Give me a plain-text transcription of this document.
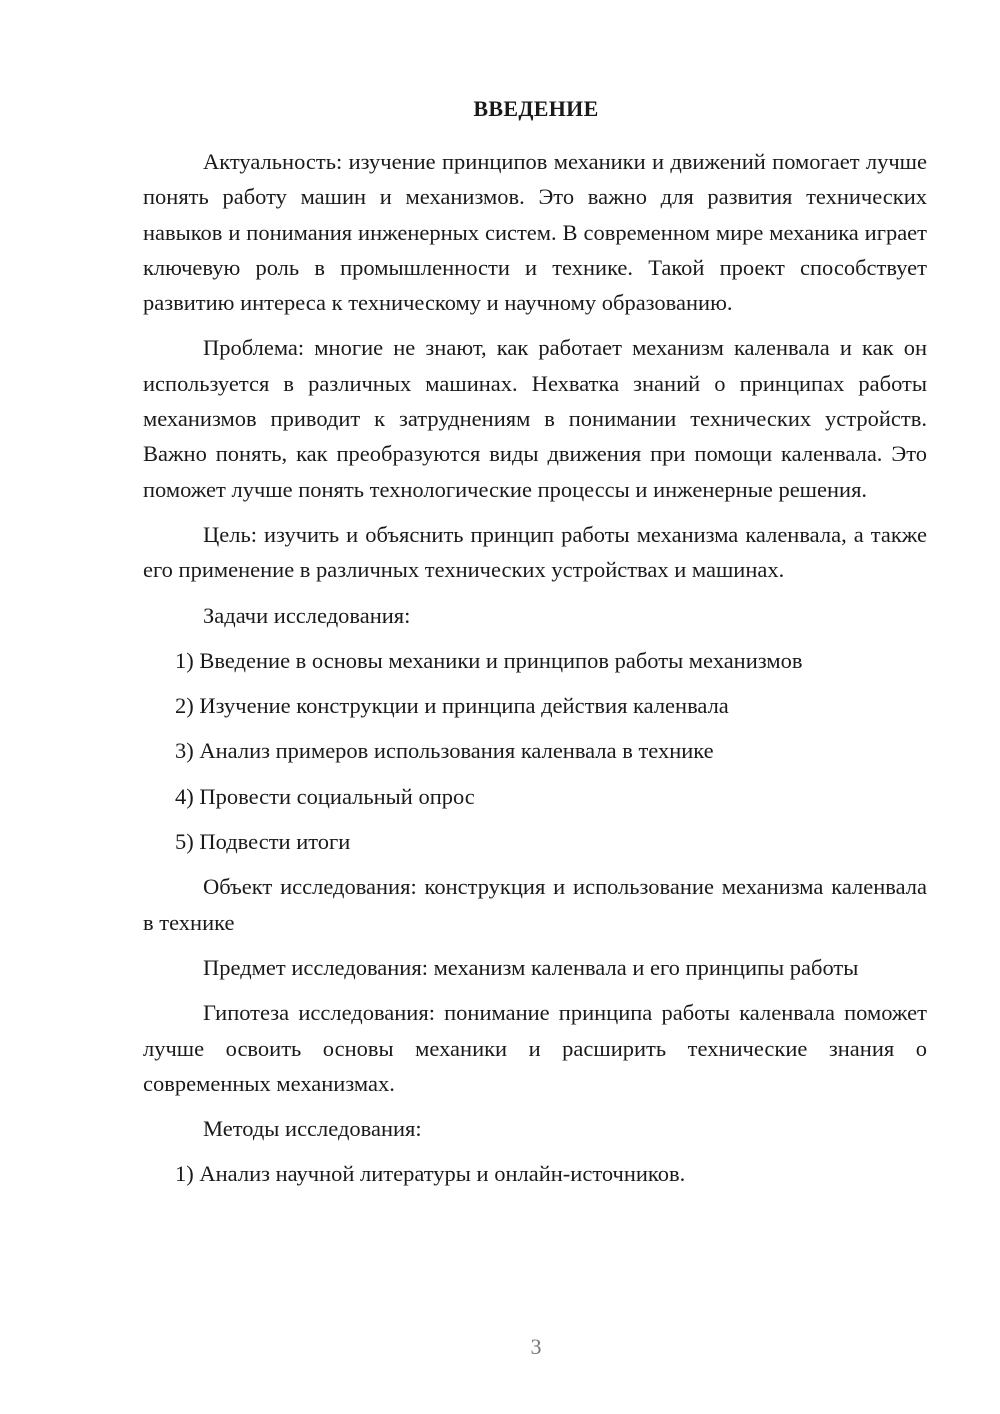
ВВЕДЕНИЕ

Актуальность: изучение принципов механики и движений помогает лучше понять работу машин и механизмов. Это важно для развития технических навыков и понимания инженерных систем. В современном мире механика играет ключевую роль в промышленности и технике. Такой проект способствует развитию интереса к техническому и научному образованию.

Проблема: многие не знают, как работает механизм каленвала и как он используется в различных машинах. Нехватка знаний о принципах работы механизмов приводит к затруднениям в понимании технических устройств. Важно понять, как преобразуются виды движения при помощи каленвала. Это поможет лучше понять технологические процессы и инженерные решения.

Цель: изучить и объяснить принцип работы механизма каленвала, а также его применение в различных технических устройствах и машинах.

Задачи исследования:

1) Введение в основы механики и принципов работы механизмов

2) Изучение конструкции и принципа действия каленвала

3) Анализ примеров использования каленвала в технике

4) Провести социальный опрос

5) Подвести итоги

Объект исследования: конструкция и использование механизма каленвала в технике

Предмет исследования: механизм каленвала и его принципы работы

Гипотеза исследования: понимание принципа работы каленвала поможет лучше освоить основы механики и расширить технические знания о современных механизмах.

Методы исследования:

1) Анализ научной литературы и онлайн-источников.

3
